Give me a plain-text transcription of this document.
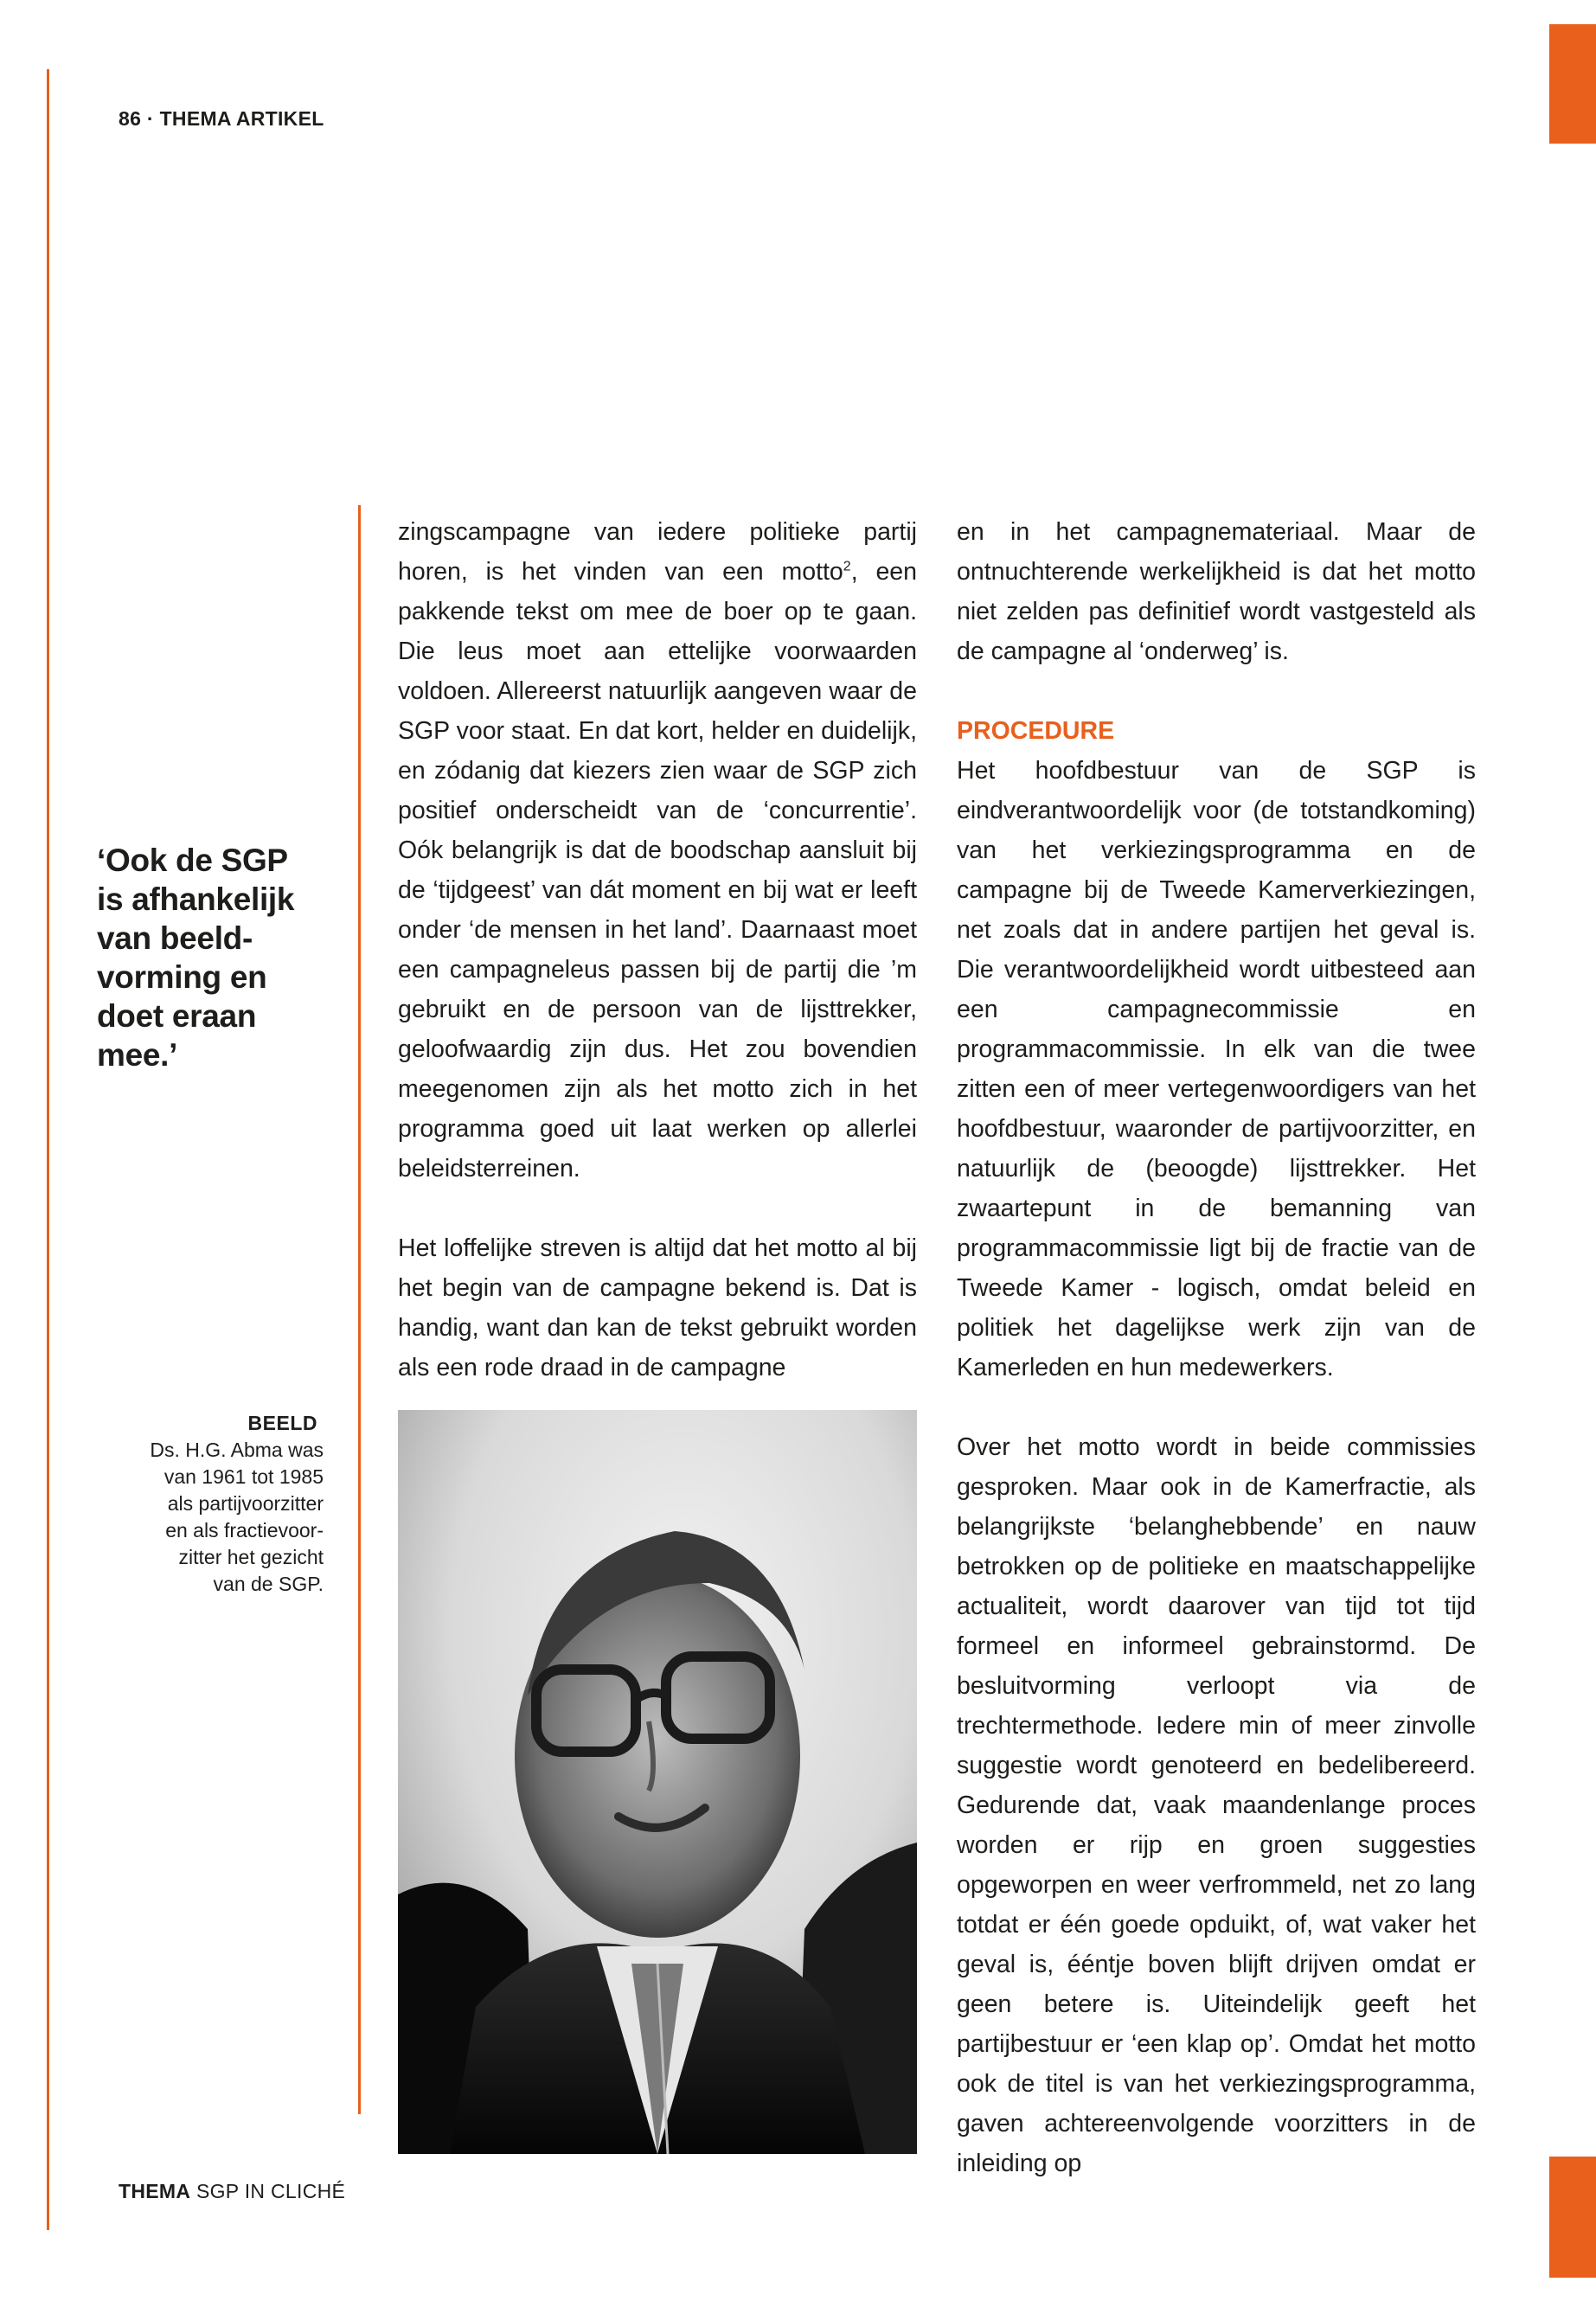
86 · THEMA ARTIKEL
‘Ook de SGP
is afhankelijk
van beeld-
vorming en
doet eraan
mee.’
BEELD
Ds. H.G. Abma was
van 1961 tot 1985
als partijvoorzitter
en als fractievoor-
zitter het gezicht
van de SGP.

zingscampagne van iedere politieke partij horen, is het vinden van een motto$^2$, een pakkende tekst om mee de boer op te gaan. Die leus moet aan ettelijke voorwaarden voldoen. Allereerst natuurlijk aangeven waar de SGP voor staat. En dat kort, helder en duidelijk, en zódanig dat kiezers zien waar de SGP zich positief onderscheidt van de ‘concurrentie’. Oók belangrijk is dat de boodschap aansluit bij de ‘tijdgeest’ van dát moment en bij wat er leeft onder ‘de mensen in het land’. Daarnaast moet een campagneleus passen bij de partij die ’m gebruikt en de persoon van de lijsttrekker, geloofwaardig zijn dus. Het zou bovendien meegenomen zijn als het motto zich in het programma goed uit laat werken op allerlei beleidsterreinen.

Het loffelijke streven is altijd dat het motto al bij het begin van de campagne bekend is. Dat is handig, want dan kan de tekst gebruikt worden als een rode draad in de campagne

en in het campagnemateriaal. Maar de ontnuchterende werkelijkheid is dat het motto niet zelden pas definitief wordt vastgesteld als de campagne al ‘onderweg’ is.

PROCEDURE

Het hoofdbestuur van de SGP is eindverantwoordelijk voor (de totstandkoming) van het verkiezingsprogramma en de campagne bij de Tweede Kamerverkiezingen, net zoals dat in andere partijen het geval is. Die verantwoordelijkheid wordt uitbesteed aan een campagnecommissie en programmacommissie. In elk van die twee zitten een of meer vertegenwoordigers van het hoofdbestuur, waaronder de partijvoorzitter, en natuurlijk de (beoogde) lijsttrekker. Het zwaartepunt in de bemanning van programmacommissie ligt bij de fractie van de Tweede Kamer - logisch, omdat beleid en politiek het dagelijkse werk zijn van de Kamerleden en hun medewerkers.

Over het motto wordt in beide commissies gesproken. Maar ook in de Kamerfractie, als belangrijkste ‘belanghebbende’ en nauw betrokken op de politieke en maatschappelijke actualiteit, wordt daarover van tijd tot tijd formeel en informeel gebrainstormd. De besluitvorming verloopt via de trechtermethode. Iedere min of meer zinvolle suggestie wordt genoteerd en bedelibereerd. Gedurende dat, vaak maandenlange proces worden er rijp en groen suggesties opgeworpen en weer verfrommeld, net zo lang totdat er één goede opduikt, of, wat vaker het geval is, ééntje boven blijft drijven omdat er geen betere is. Uiteindelijk geeft het partijbestuur er ‘een klap op’. Omdat het motto ook de titel is van het verkiezingsprogramma, gaven achtereenvolgende voorzitters in de inleiding op

THEMA SGP IN CLICHÉ
